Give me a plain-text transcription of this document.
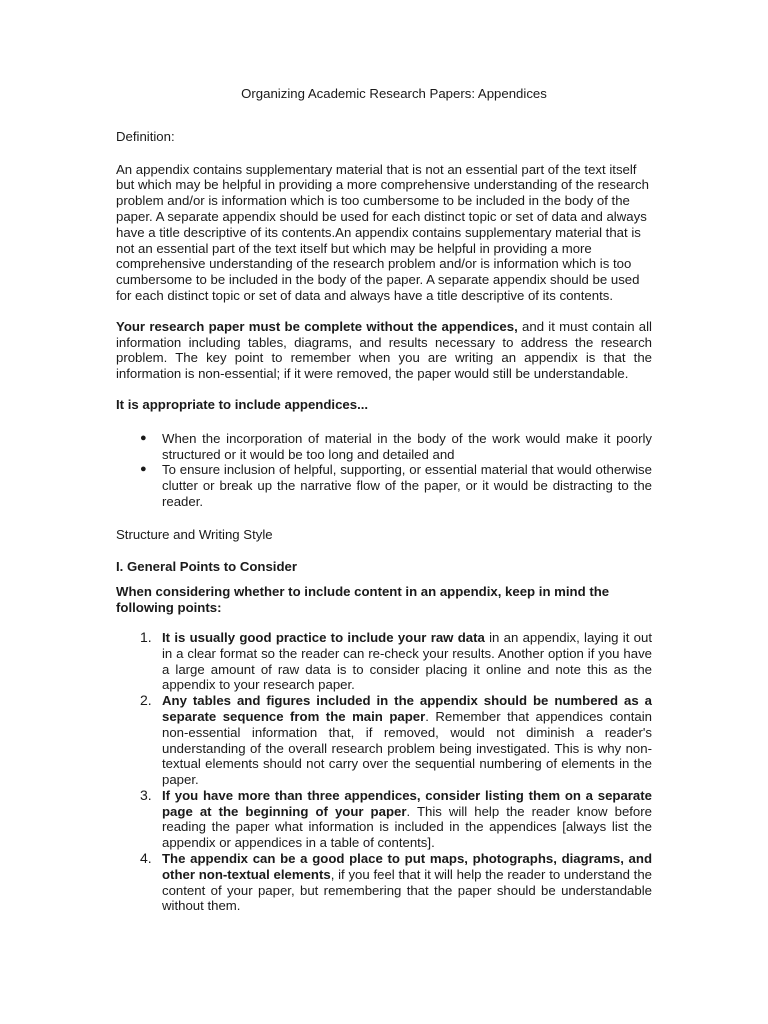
Organizing Academic Research Papers: Appendices

Definition:

An appendix contains supplementary material that is not an essential part of the text itself but which may be helpful in providing a more comprehensive understanding of the research problem and/or is information which is too cumbersome to be included in the body of the paper. A separate appendix should be used for each distinct topic or set of data and always have a title descriptive of its contents.An appendix contains supplementary material that is not an essential part of the text itself but which may be helpful in providing a more comprehensive understanding of the research problem and/or is information which is too cumbersome to be included in the body of the paper. A separate appendix should be used for each distinct topic or set of data and always have a title descriptive of its contents.

Your research paper must be complete without the appendices, and it must contain all information including tables, diagrams, and results necessary to address the research problem. The key point to remember when you are writing an appendix is that the information is non-essential; if it were removed, the paper would still be understandable.

It is appropriate to include appendices...

● When the incorporation of material in the body of the work would make it poorly structured or it would be too long and detailed and
● To ensure inclusion of helpful, supporting, or essential material that would otherwise clutter or break up the narrative flow of the paper, or it would be distracting to the reader.

Structure and Writing Style

I. General Points to Consider

When considering whether to include content in an appendix, keep in mind the following points:

1. It is usually good practice to include your raw data in an appendix, laying it out in a clear format so the reader can re-check your results. Another option if you have a large amount of raw data is to consider placing it online and note this as the appendix to your research paper.
2. Any tables and figures included in the appendix should be numbered as a separate sequence from the main paper. Remember that appendices contain non-essential information that, if removed, would not diminish a reader's understanding of the overall research problem being investigated. This is why non-textual elements should not carry over the sequential numbering of elements in the paper.
3. If you have more than three appendices, consider listing them on a separate page at the beginning of your paper. This will help the reader know before reading the paper what information is included in the appendices [always list the appendix or appendices in a table of contents].
4. The appendix can be a good place to put maps, photographs, diagrams, and other non-textual elements, if you feel that it will help the reader to understand the content of your paper, but remembering that the paper should be understandable without them.
